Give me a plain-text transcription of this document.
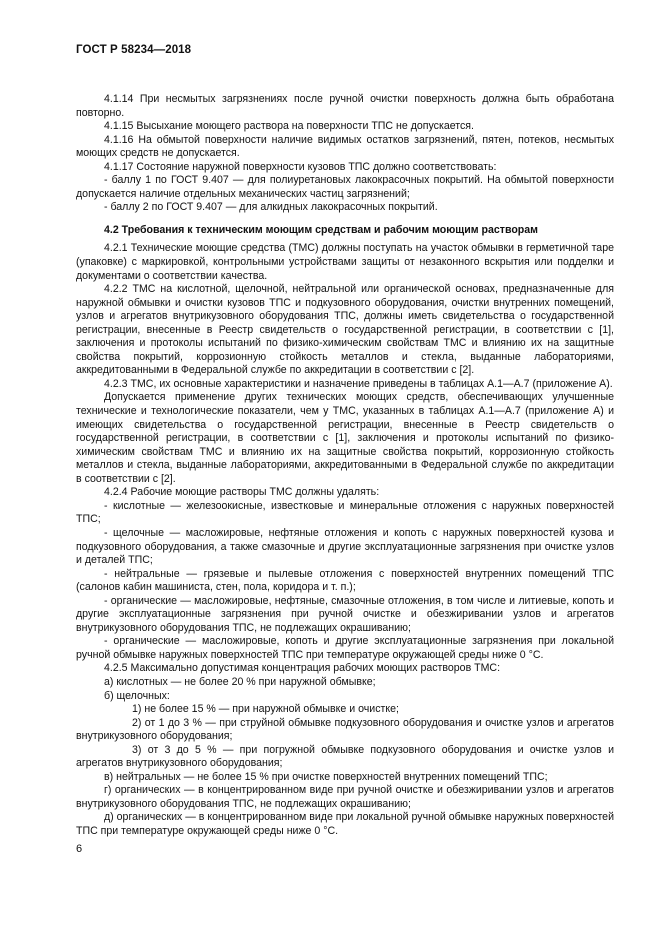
ГОСТ Р 58234—2018

4.1.14 При несмытых загрязнениях после ручной очистки поверхность должна быть обработана повторно.

4.1.15 Высыхание моющего раствора на поверхности ТПС не допускается.

4.1.16 На обмытой поверхности наличие видимых остатков загрязнений, пятен, потеков, несмытых моющих средств не допускается.

4.1.17 Состояние наружной поверхности кузовов ТПС должно соответствовать:

- баллу 1 по ГОСТ 9.407 — для полиуретановых лакокрасочных покрытий. На обмытой поверхности допускается наличие отдельных механических частиц загрязнений;

- баллу 2 по ГОСТ 9.407 — для алкидных лакокрасочных покрытий.

4.2 Требования к техническим моющим средствам и рабочим моющим растворам

4.2.1 Технические моющие средства (ТМС) должны поступать на участок обмывки в герметичной таре (упаковке) с маркировкой, контрольными устройствами защиты от незаконного вскрытия или подделки и документами о соответствии качества.

4.2.2 ТМС на кислотной, щелочной, нейтральной или органической основах, предназначенные для наружной обмывки и очистки кузовов ТПС и подкузовного оборудования, очистки внутренних помещений, узлов и агрегатов внутрикузовного оборудования ТПС, должны иметь свидетельства о государственной регистрации, внесенные в Реестр свидетельств о государственной регистрации, в соответствии с [1], заключения и протоколы испытаний по физико-химическим свойствам ТМС и влиянию их на защитные свойства покрытий, коррозионную стойкость металлов и стекла, выданные лабораториями, аккредитованными в Федеральной службе по аккредитации в соответствии с [2].

4.2.3 ТМС, их основные характеристики и назначение приведены в таблицах А.1—А.7 (приложение А).

Допускается применение других технических моющих средств, обеспечивающих улучшенные технические и технологические показатели, чем у ТМС, указанных в таблицах А.1—А.7 (приложение А) и имеющих свидетельства о государственной регистрации, внесенные в Реестр свидетельств о государственной регистрации, в соответствии с [1], заключения и протоколы испытаний по физико-химическим свойствам ТМС и влиянию их на защитные свойства покрытий, коррозионную стойкость металлов и стекла, выданные лабораториями, аккредитованными в Федеральной службе по аккредитации в соответствии с [2].

4.2.4 Рабочие моющие растворы ТМС должны удалять:

- кислотные — железоокисные, известковые и минеральные отложения с наружных поверхностей ТПС;

- щелочные — масложировые, нефтяные отложения и копоть с наружных поверхностей кузова и подкузовного оборудования, а также смазочные и другие эксплуатационные загрязнения при очистке узлов и деталей ТПС;

- нейтральные — грязевые и пылевые отложения с поверхностей внутренних помещений ТПС (салонов кабин машиниста, стен, пола, коридора и т. п.);

- органические — масложировые, нефтяные, смазочные отложения, в том числе и литиевые, копоть и другие эксплуатационные загрязнения при ручной очистке и обезжиривании узлов и агрегатов внутрикузовного оборудования ТПС, не подлежащих окрашиванию;

- органические — масложировые, копоть и другие эксплуатационные загрязнения при локальной ручной обмывке наружных поверхностей ТПС при температуре окружающей среды ниже 0 °С.

4.2.5 Максимально допустимая концентрация рабочих моющих растворов ТМС:

а) кислотных — не более 20 % при наружной обмывке;

б) щелочных:

1) не более 15 % — при наружной обмывке и очистке;

2) от 1 до 3 % — при струйной обмывке подкузовного оборудования и очистке узлов и агрегатов внутрикузовного оборудования;

3) от 3 до 5 % — при погружной обмывке подкузовного оборудования и очистке узлов и агрегатов внутрикузовного оборудования;

в) нейтральных — не более 15 % при очистке поверхностей внутренних помещений ТПС;

г) органических — в концентрированном виде при ручной очистке и обезжиривании узлов и агрегатов внутрикузовного оборудования ТПС, не подлежащих окрашиванию;

д) органических — в концентрированном виде при локальной ручной обмывке наружных поверхностей ТПС при температуре окружающей среды ниже 0 °С.

6
